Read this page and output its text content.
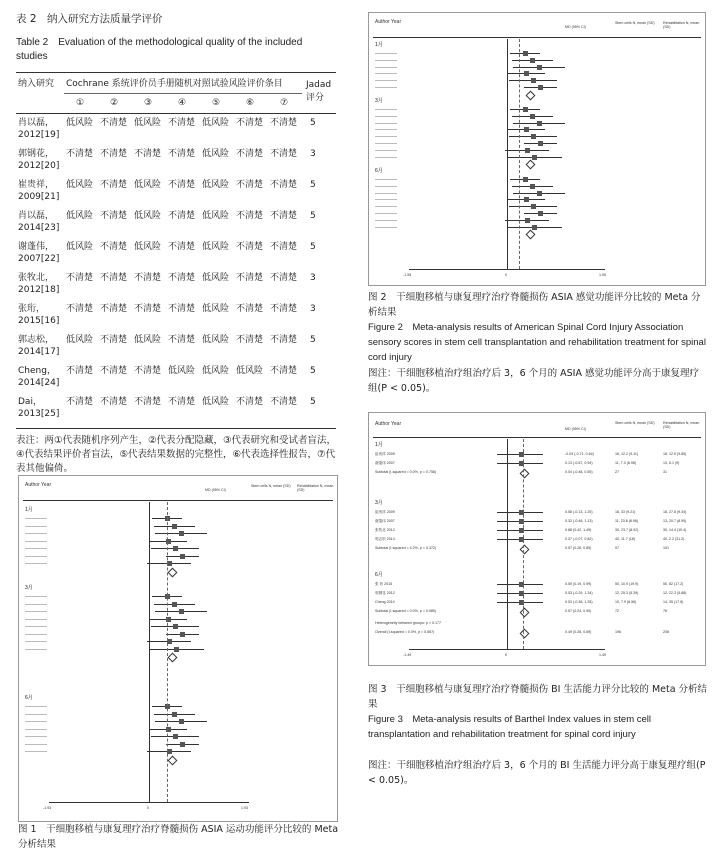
表 2　纳入研究方法质量学评价
Table 2　Evaluation of the methodological quality of the included studies
纳入研究 Cochrane 系统评价员手册随机对照试验风险评价条目	Jadad 评分
①	②	③	④	⑤	⑥	⑦
肖以磊，2012[19]
低风险 不清楚 低风险 不清楚 低风险 不清楚 不清楚 5
郭钢花，2012[20]
不清楚 不清楚 不清楚 不清楚 低风险 不清楚 不清楚 3
崔贵祥，2009[21]
低风险 不清楚 低风险 不清楚 低风险 不清楚 不清楚 5
肖以磊，2014[23]
低风险 不清楚 低风险 不清楚 低风险 不清楚 不清楚 5
谢蓬伟，2007[22]
低风险 不清楚 低风险 不清楚 低风险 不清楚 不清楚 5
张牧北，2012[18]
不清楚 不清楚 不清楚 不清楚 低风险 不清楚 不清楚 3
张珩，2015[16]
不清楚 不清楚 不清楚 不清楚 低风险 不清楚 不清楚 3
郭志松，2014[17]
低风险 不清楚 低风险 不清楚 低风险 不清楚 不清楚 5
Cheng，2014[24]
不清楚 不清楚 不清楚 低风险 低风险 低风险 不清楚 5
Dai，2013[25]
不清楚 不清楚 不清楚 不清楚 低风险 不清楚 不清楚 5
表注：两①代表随机序列产生，②代表分配隐藏，③代表研究和受试者盲法，④代表结果评价者盲法，⑤代表结果数据的完整性，⑥代表选择性报告，⑦代表其他偏倚。
Author Year
MD (95% CI)
Stem cells N, mean (SD)	Rehabilitation N, mean (SD)
1月
3月
6月
-1.93	0	1.93
图 1　干细胞移植与康复理疗治疗脊髓损伤 ASIA 运动功能评分比较的 Meta 分析结果
Author Year
MD (95% CI)
Stem cells N, mean (SD)	Rehabilitation N, mean (SD)
1月
3月
6月
-1.55	0	1.55
图 2　干细胞移植与康复理疗治疗脊髓损伤 ASIA 感觉功能评分比较的 Meta 分析结果
Figure 2　Meta-analysis results of American Spinal Cord Injury Association sensory scores in stem cell transplantation and rehabilitation treatment for spinal cord injury
图注：干细胞移植治疗组治疗后 3，6 个月的 ASIA 感觉功能评分高于康复理疗组(P < 0.05)。
Author Year
MD (95% CI)
Stem cells N, mean (SD)	Rehabilitation N, mean (SD)
1月
3月
6月
崔贵祥 2009	-0.03 (-0.71, 0.64)	16, 12.2 (9.11)	18, 12.5 (9.85)
谢蓬伟 2007	0.13 (-0.67, 0.94)	11, 7.3 (6.98)	13, 6.1 (9)
Subtotal (I-squared = 0.0%, p = 0.758)	0.04 (-0.48, 0.55)	27	31
崔贵祥 2009	0.56 (-0.13, 1.25)	16, 33 (9.21)	18, 27.8 (9.34)
谢蓬伟 2007	0.32 (-0.48, 1.13)	11, 23.6 (8.96)	13, 20.7 (8.95)
张牧北 2012	0.88 (0.42, 1.49)	30, 23.7 (8.92)	30, 14.4 (10.4)
郭志松 2014	0.37 (-0.07, 0.82)	40, 11.7 (18)	40, 2.2 (31.2)
Subtotal (I-squared = 4.2%, p = 0.372)	0.57 (0.28, 0.85)	97	101
张 珩 2015	0.59 (0.19, 0.99)	50, 10.9 (19.9)	50, 82 (17.2)
郭钢花 2012	0.53 (-0.29, 1.34)	12, 25.3 (5.39)	12, 22.3 (5.88)
Cheng 2014	0.53 (-0.38, 1.35)	10, 7.9 (6.56)	14, 35 (17.8)
Subtotal (I-squared = 0.0%, p = 0.985)	0.57 (0.24, 0.90)	72	76
Heterogeneity between groups: p = 0.177
Overall (I-squared = 0.0%, p = 0.567)	0.49 (0.28, 0.69)	196	208
-1.49	0	1.49
图 3　干细胞移植与康复理疗治疗脊髓损伤 BI 生活能力评分比较的 Meta 分析结果
Figure 3　Meta-analysis results of Barthel Index values in stem cell transplantation and rehabilitation treatment for spinal cord injury
图注：干细胞移植治疗组治疗后 3，6 个月的 BI 生活能力评分高于康复理疗组(P < 0.05)。
